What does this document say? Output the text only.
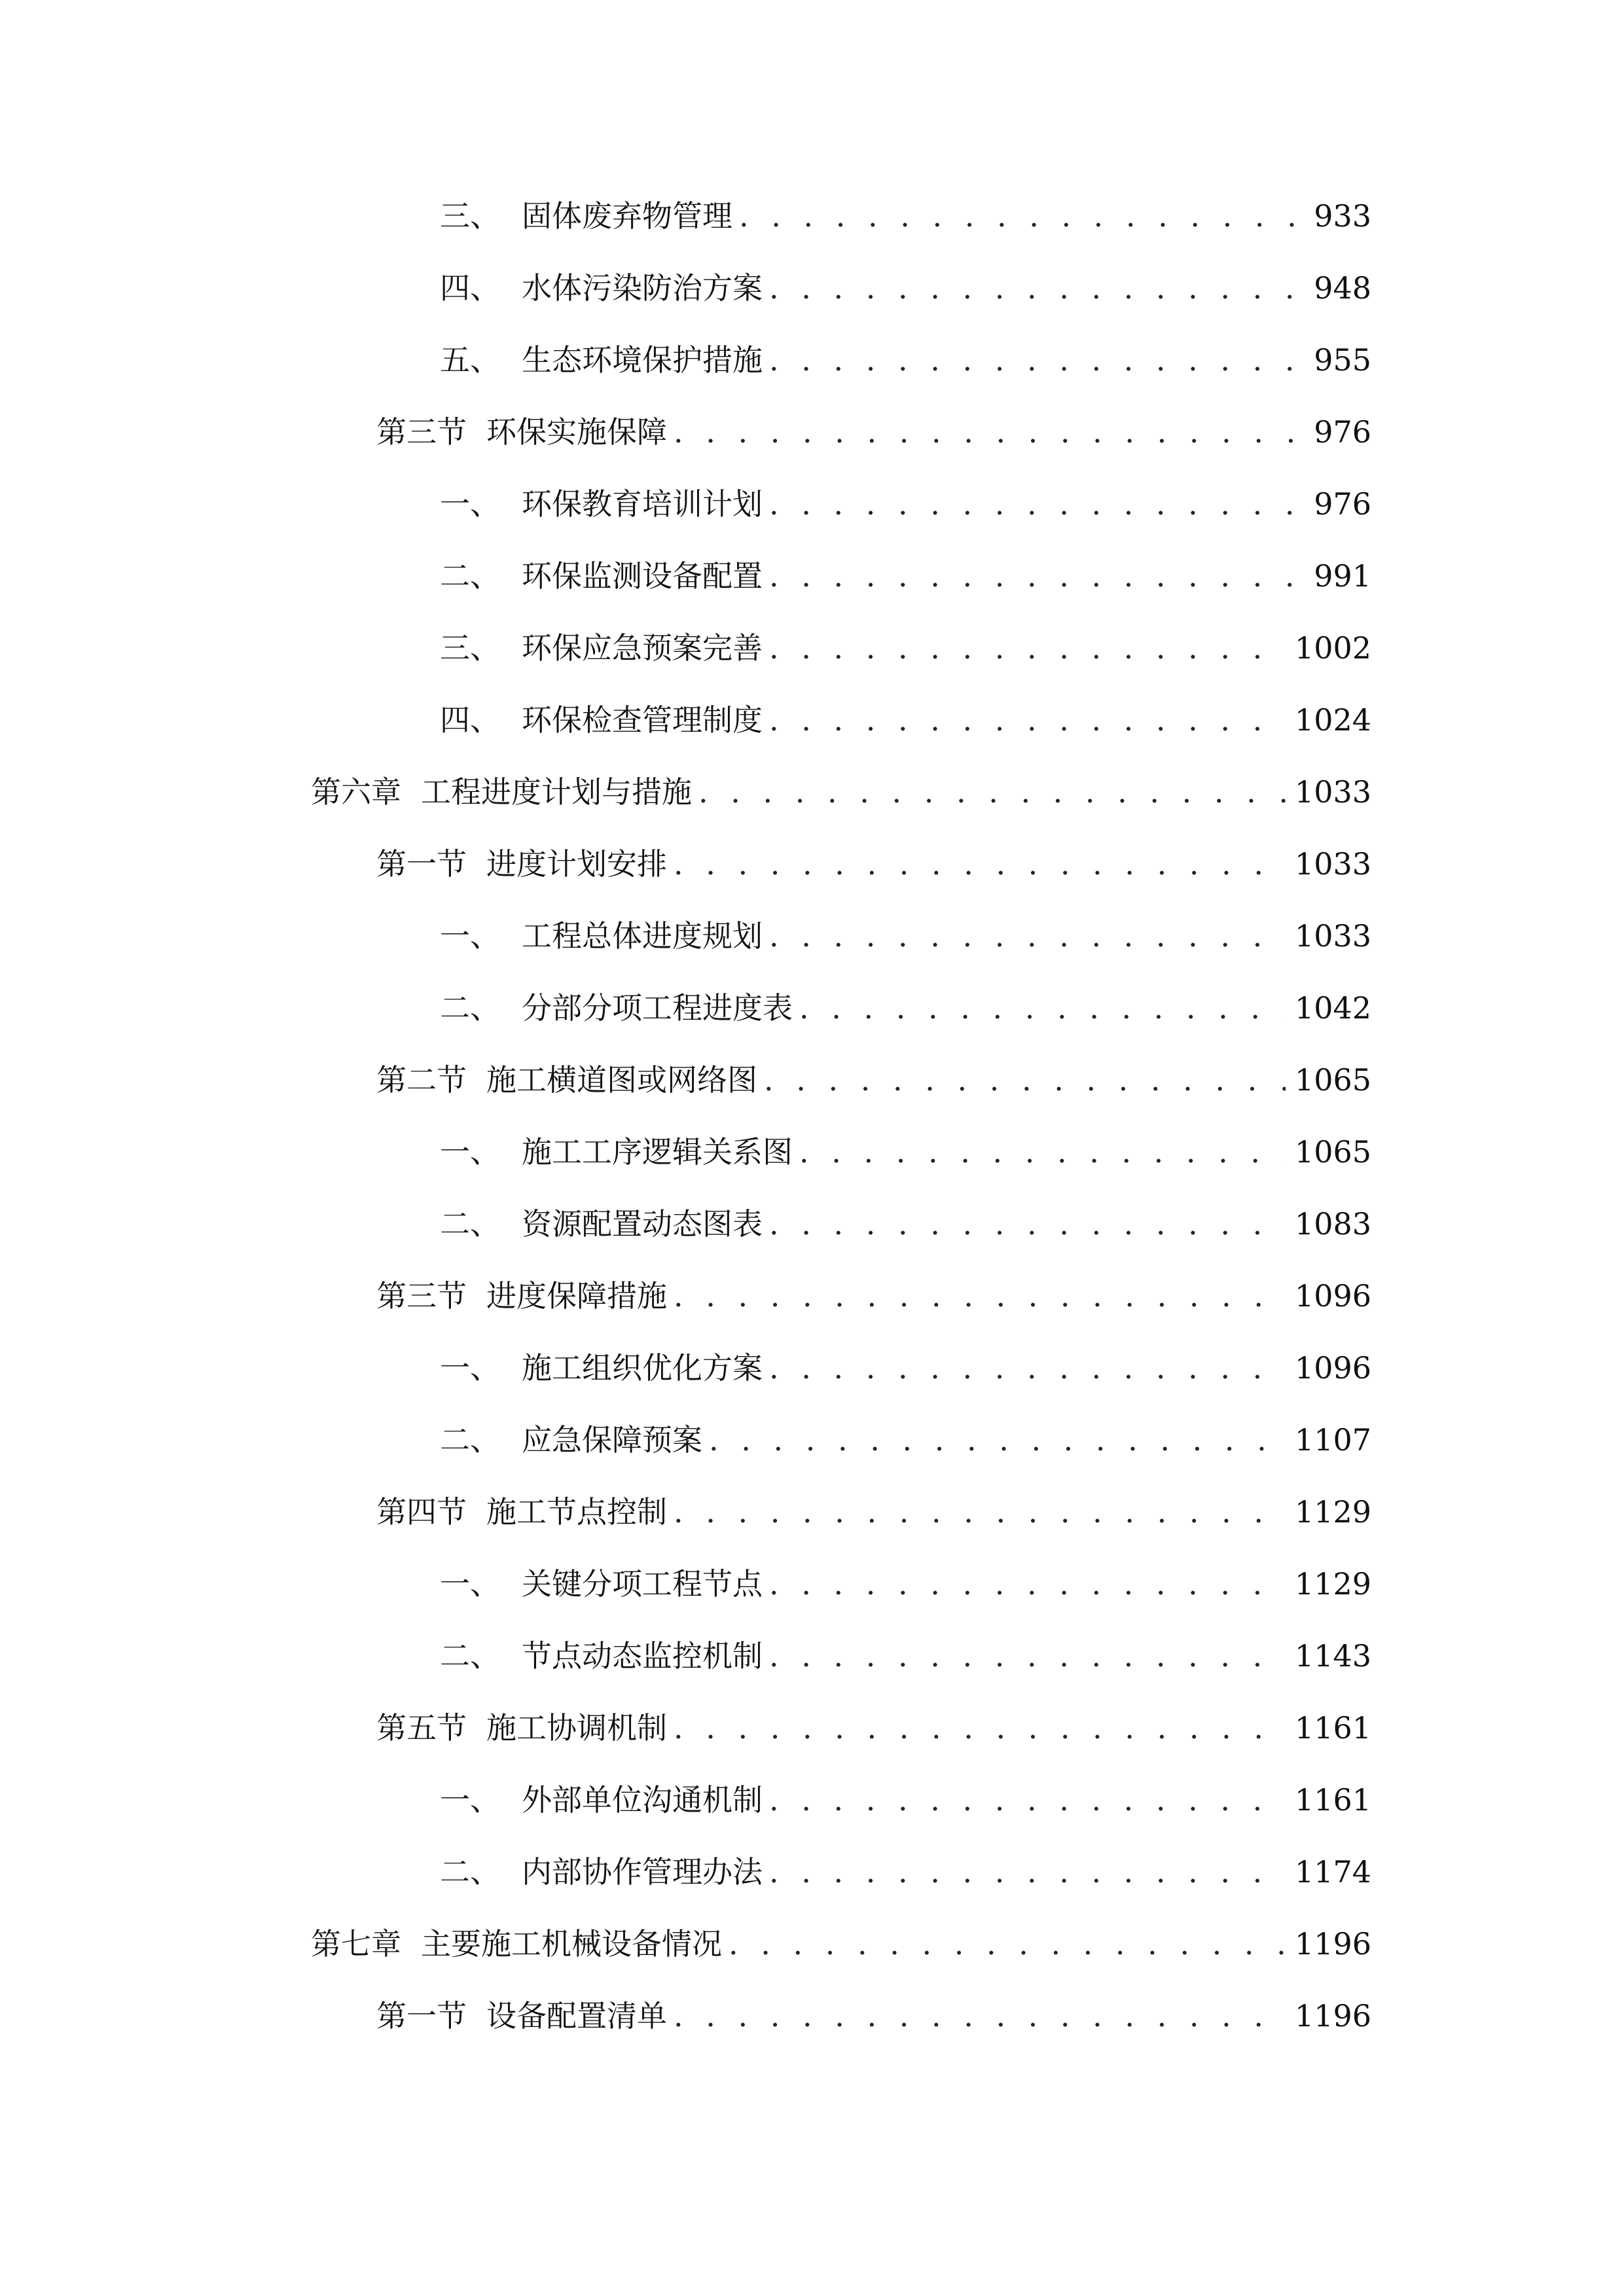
三、 固体废弃物管理 . . .	933
四、 水体污染防治方案 . . .	948
五、 生态环境保护措施 . . .	955
第三节 环保实施保障 . . .	976
一、 环保教育培训计划 . . .	976
二、 环保监测设备配置 . . .	991
三、 环保应急预案完善 . . .	1002
四、 环保检查管理制度 . . .	1024
第六章 工程进度计划与措施 . . .	1033
第一节 进度计划安排 . . .	1033
一、 工程总体进度规划 . . .	1033
二、 分部分项工程进度表 . . .	1042
第二节 施工横道图或网络图 . . .	1065
一、 施工工序逻辑关系图 . . .	1065
二、 资源配置动态图表 . . .	1083
第三节 进度保障措施 . . .	1096
一、 施工组织优化方案 . . .	1096
二、 应急保障预案 . . .	1107
第四节 施工节点控制 . . .	1129
一、 关键分项工程节点 . . .	1129
二、 节点动态监控机制 . . .	1143
第五节 施工协调机制 . . .	1161
一、 外部单位沟通机制 . . .	1161
二、 内部协作管理办法 . . .	1174
第七章 主要施工机械设备情况 . . .	1196
第一节 设备配置清单 . . .	1196
